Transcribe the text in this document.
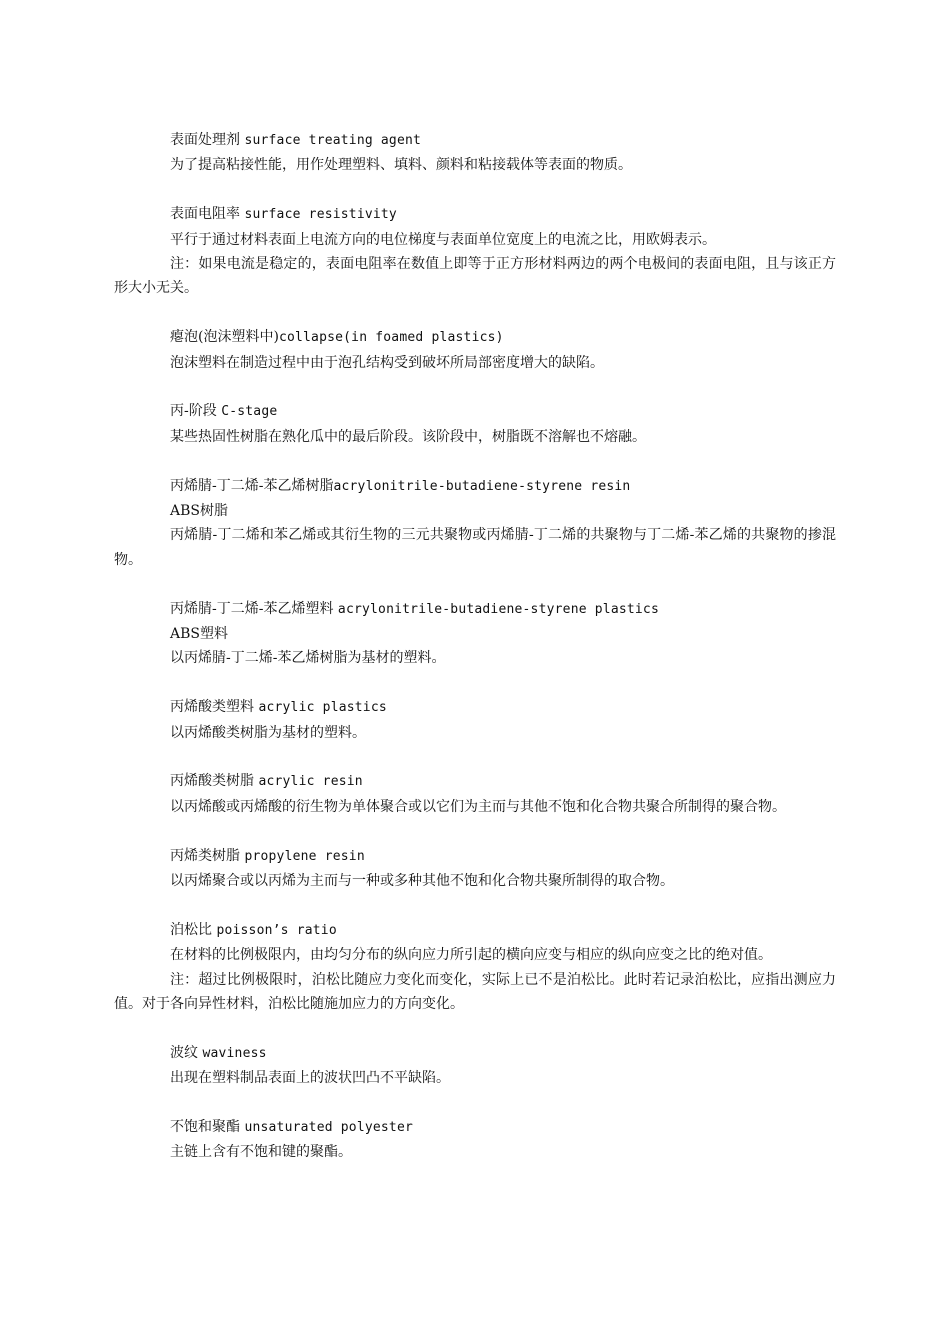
表面处理剂 surface treating agent
为了提高粘接性能，用作处理塑料、填料、颜料和粘接载体等表面的物质。
表面电阻率 surface resistivity
平行于通过材料表面上电流方向的电位梯度与表面单位宽度上的电流之比，用欧姆表示。
注：如果电流是稳定的，表面电阻率在数值上即等于正方形材料两边的两个电极间的表面电阻，且与该正方形大小无关。
瘪泡(泡沫塑料中)collapse(in foamed plastics)
泡沫塑料在制造过程中由于泡孔结构受到破坏所局部密度增大的缺陷。
丙-阶段 C-stage
某些热固性树脂在熟化瓜中的最后阶段。该阶段中，树脂既不溶解也不熔融。
丙烯腈-丁二烯-苯乙烯树脂acrylonitrile-butadiene-styrene resin
ABS树脂
丙烯腈-丁二烯和苯乙烯或其衍生物的三元共聚物或丙烯腈-丁二烯的共聚物与丁二烯-苯乙烯的共聚物的掺混物。
丙烯腈-丁二烯-苯乙烯塑料 acrylonitrile-butadiene-styrene plastics
ABS塑料
以丙烯腈-丁二烯-苯乙烯树脂为基材的塑料。
丙烯酸类塑料 acrylic plastics
以丙烯酸类树脂为基材的塑料。
丙烯酸类树脂 acrylic resin
以丙烯酸或丙烯酸的衍生物为单体聚合或以它们为主而与其他不饱和化合物共聚合所制得的聚合物。
丙烯类树脂 propylene resin
以丙烯聚合或以丙烯为主而与一种或多种其他不饱和化合物共聚所制得的取合物。
泊松比 poisson’s ratio
在材料的比例极限内，由均匀分布的纵向应力所引起的横向应变与相应的纵向应变之比的绝对值。
注：超过比例极限时，泊松比随应力变化而变化，实际上已不是泊松比。此时若记录泊松比，应指出测应力值。对于各向异性材料，泊松比随施加应力的方向变化。
波纹 waviness
出现在塑料制品表面上的波状凹凸不平缺陷。
不饱和聚酯 unsaturated polyester
主链上含有不饱和键的聚酯。
